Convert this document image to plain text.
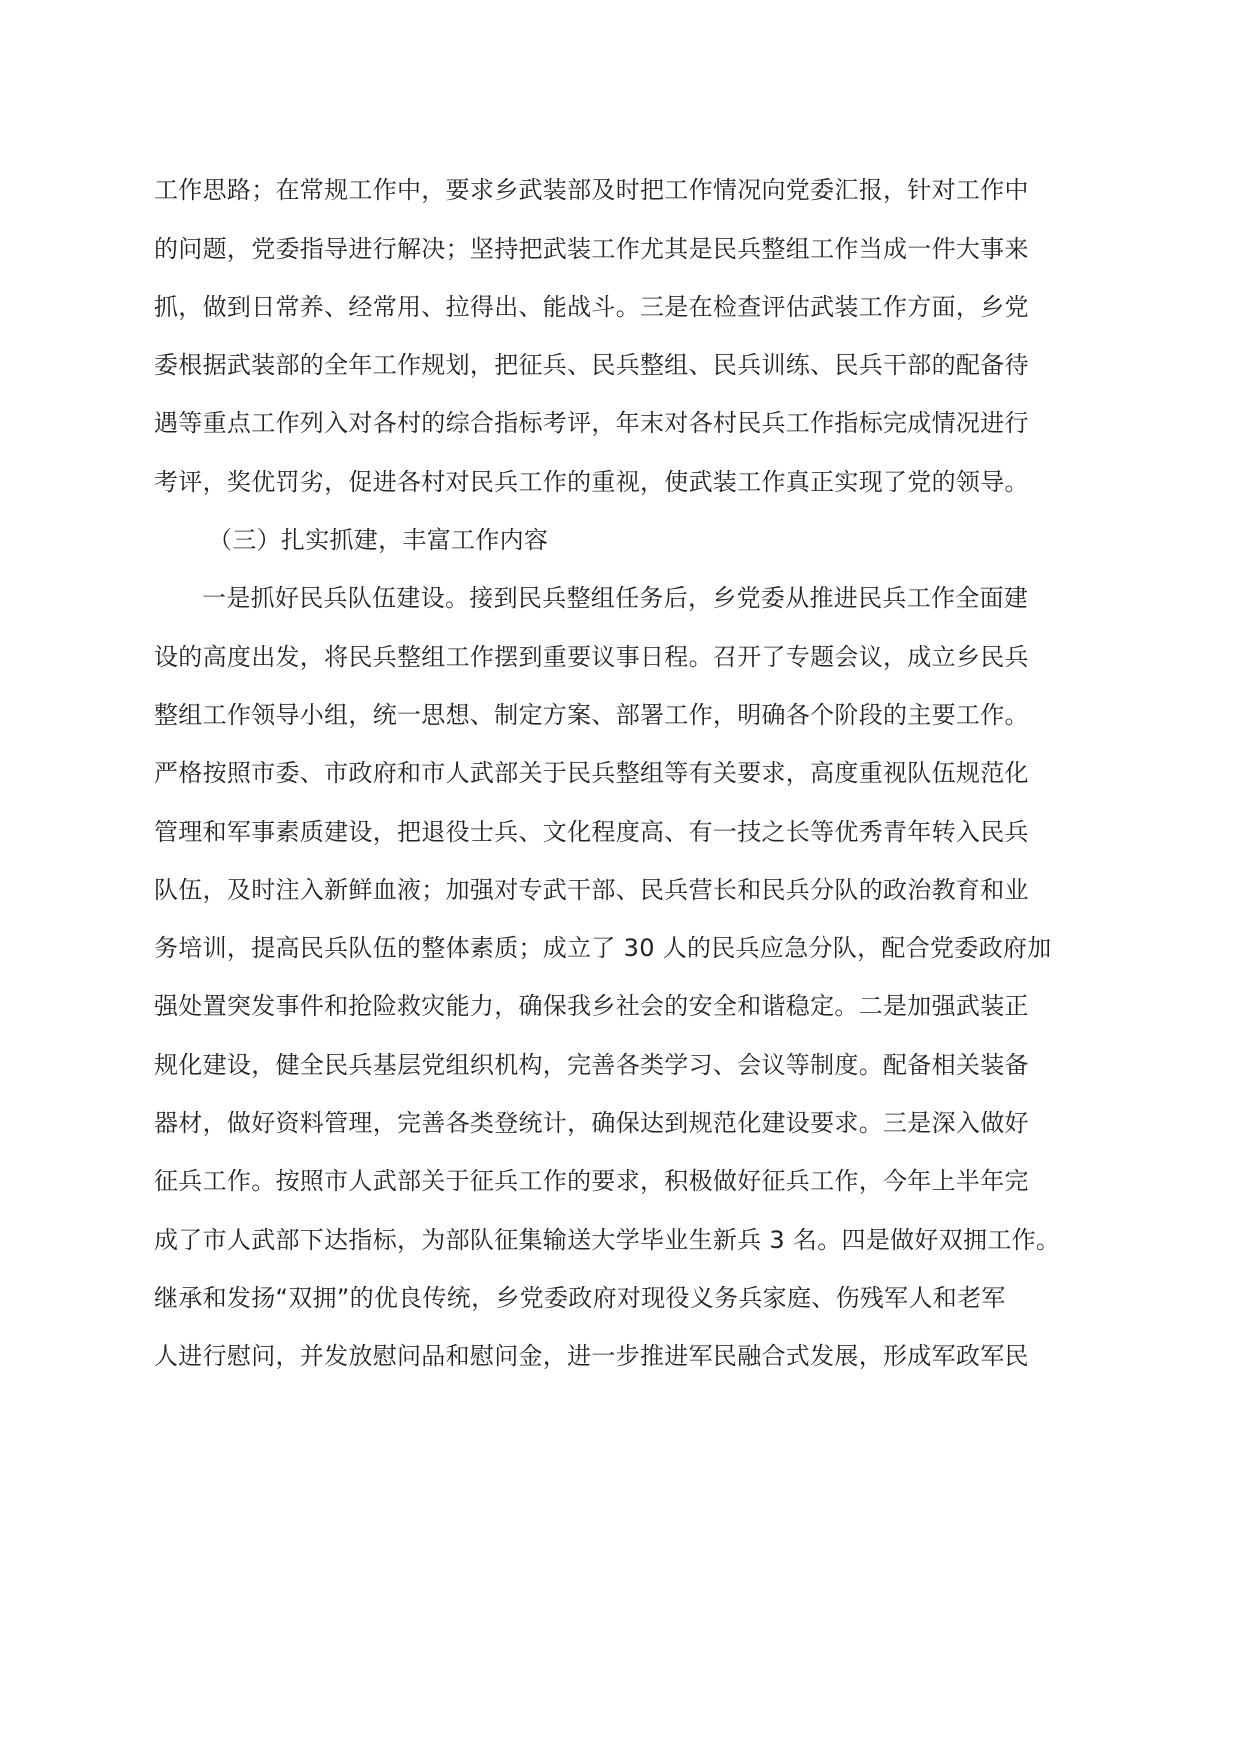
工作思路；在常规工作中，要求乡武装部及时把工作情况向党委汇报，针对工作中
的问题，党委指导进行解决；坚持把武装工作尤其是民兵整组工作当成一件大事来
抓，做到日常养、经常用、拉得出、能战斗。三是在检查评估武装工作方面，乡党
委根据武装部的全年工作规划，把征兵、民兵整组、民兵训练、民兵干部的配备待
遇等重点工作列入对各村的综合指标考评，年末对各村民兵工作指标完成情况进行
考评，奖优罚劣，促进各村对民兵工作的重视，使武装工作真正实现了党的领导。
（三）扎实抓建，丰富工作内容
一是抓好民兵队伍建设。接到民兵整组任务后，乡党委从推进民兵工作全面建
设的高度出发，将民兵整组工作摆到重要议事日程。召开了专题会议，成立乡民兵
整组工作领导小组，统一思想、制定方案、部署工作，明确各个阶段的主要工作。
严格按照市委、市政府和市人武部关于民兵整组等有关要求，高度重视队伍规范化
管理和军事素质建设，把退役士兵、文化程度高、有一技之长等优秀青年转入民兵
队伍，及时注入新鲜血液；加强对专武干部、民兵营长和民兵分队的政治教育和业
务培训，提高民兵队伍的整体素质；成立了 30 人的民兵应急分队，配合党委政府加
强处置突发事件和抢险救灾能力，确保我乡社会的安全和谐稳定。二是加强武装正
规化建设，健全民兵基层党组织机构，完善各类学习、会议等制度。配备相关装备
器材，做好资料管理，完善各类登统计，确保达到规范化建设要求。三是深入做好
征兵工作。按照市人武部关于征兵工作的要求，积极做好征兵工作，今年上半年完
成了市人武部下达指标，为部队征集输送大学毕业生新兵 3 名。四是做好双拥工作。
继承和发扬“双拥”的优良传统，乡党委政府对现役义务兵家庭、伤残军人和老军
人进行慰问，并发放慰问品和慰问金，进一步推进军民融合式发展，形成军政军民
